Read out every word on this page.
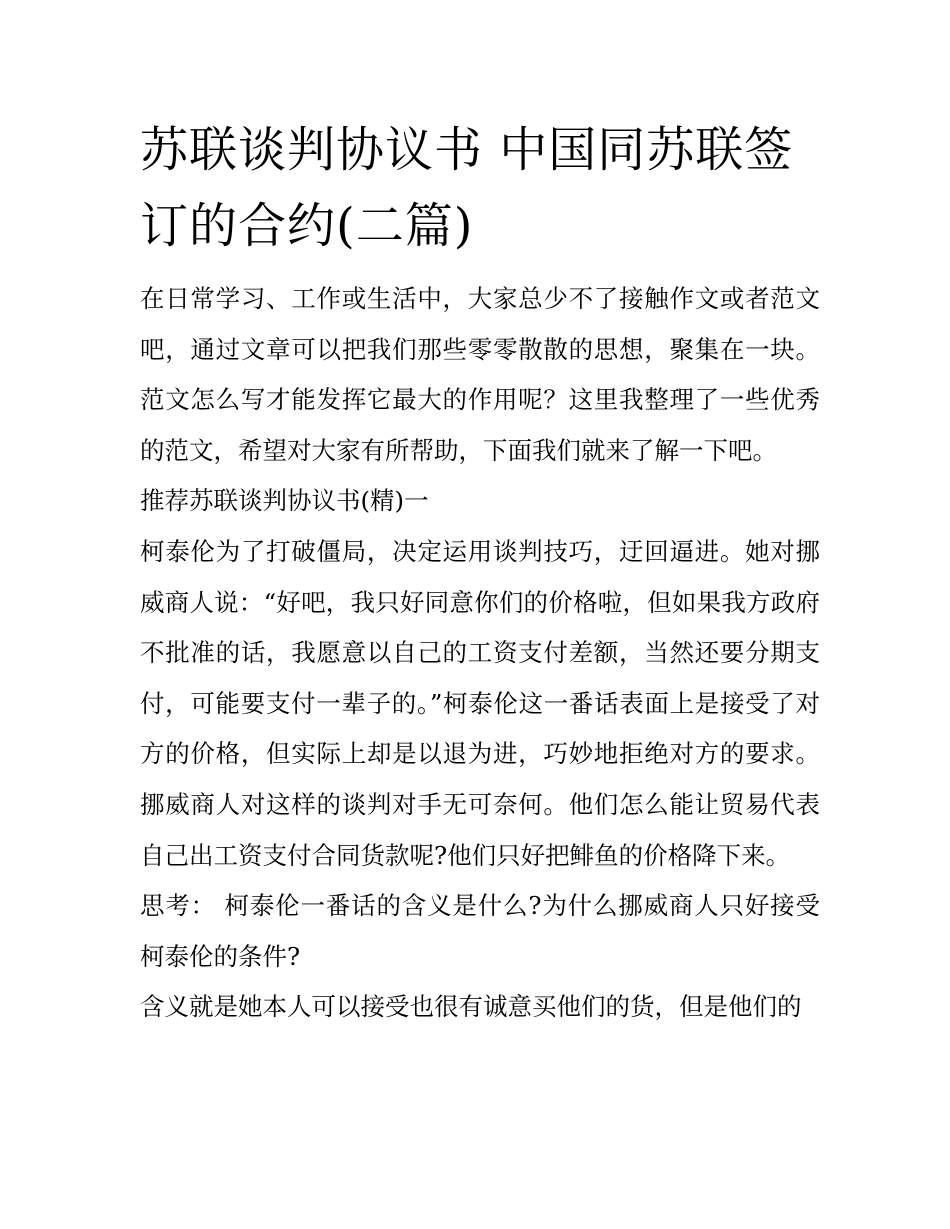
苏联谈判协议书 中国同苏联签订的合约(二篇)

在日常学习、工作或生活中，大家总少不了接触作文或者范文吧，通过文章可以把我们那些零零散散的思想，聚集在一块。范文怎么写才能发挥它最大的作用呢？这里我整理了一些优秀的范文，希望对大家有所帮助，下面我们就来了解一下吧。

推荐苏联谈判协议书(精)一

柯泰伦为了打破僵局，决定运用谈判技巧，迂回逼进。她对挪威商人说：“好吧，我只好同意你们的价格啦，但如果我方政府不批准的话，我愿意以自己的工资支付差额，当然还要分期支付，可能要支付一辈子的。”柯泰伦这一番话表面上是接受了对方的价格，但实际上却是以退为进，巧妙地拒绝对方的要求。挪威商人对这样的谈判对手无可奈何。他们怎么能让贸易代表自己出工资支付合同货款呢?他们只好把鲱鱼的价格降下来。

思考： 柯泰伦一番话的含义是什么?为什么挪威商人只好接受柯泰伦的条件?

含义就是她本人可以接受也很有诚意买他们的货，但是他们的
